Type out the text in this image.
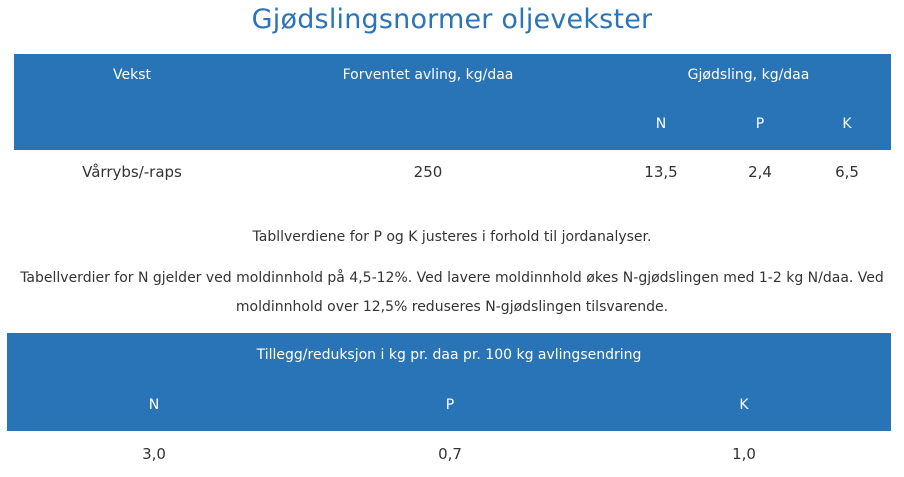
Gjødslingsnormer oljevekster
Vekst	Forventet avling, kg/daa	Gjødsling, kg/daa
N	P	K
Vårrybs/-raps	250	13,5	2,4	6,5
Tabllverdiene for P og K justeres i forhold til jordanalyser.
Tabellverdier for N gjelder ved moldinnhold på 4,5-12%. Ved lavere moldinnhold økes N-gjødslingen med 1-2 kg N/daa. Ved moldinnhold over 12,5% reduseres N-gjødslingen tilsvarende.
Tillegg/reduksjon i kg pr. daa pr. 100 kg avlingsendring
N	P	K
3,0	0,7	1,0
